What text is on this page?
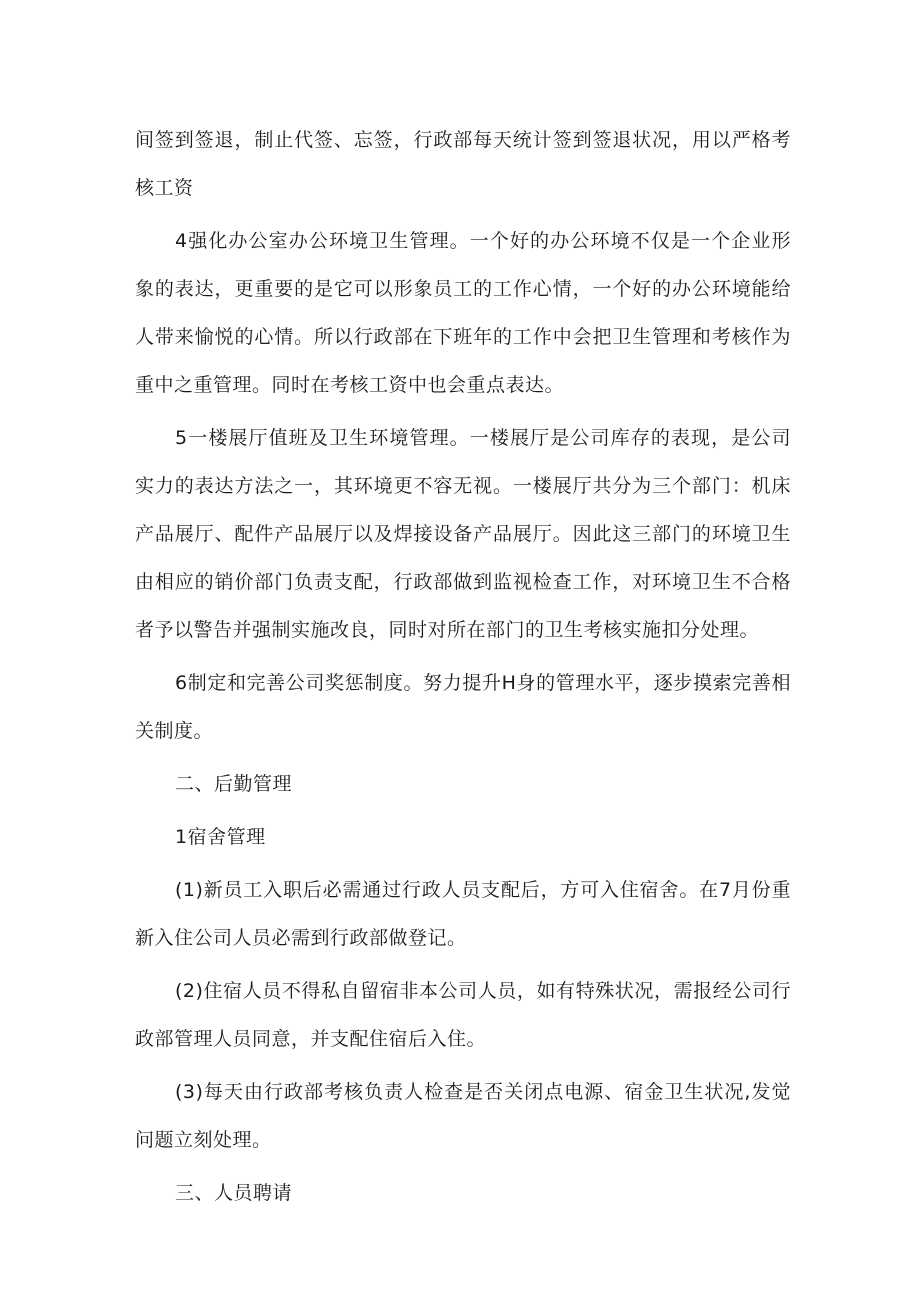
间签到签退，制止代签、忘签，行政部每天统计签到签退状况，用以严格考核工资

4强化办公室办公环境卫生管理。一个好的办公环境不仅是一个企业形象的表达，更重要的是它可以形象员工的工作心情，一个好的办公环境能给人带来愉悦的心情。所以行政部在下班年的工作中会把卫生管理和考核作为重中之重管理。同时在考核工资中也会重点表达。

5一楼展厅值班及卫生环境管理。一楼展厅是公司库存的表现，是公司实力的表达方法之一，其环境更不容无视。一楼展厅共分为三个部门：机床产品展厅、配件产品展厅以及焊接设备产品展厅。因此这三部门的环境卫生由相应的销价部门负责支配，行政部做到监视检查工作，对环境卫生不合格者予以警告并强制实施改良，同时对所在部门的卫生考核实施扣分处理。

6制定和完善公司奖惩制度。努力提升H身的管理水平，逐步摸索完善相关制度。

二、后勤管理

1宿舍管理

(1)新员工入职后必需通过行政人员支配后，方可入住宿舍。在7月份重新入住公司人员必需到行政部做登记。

(2)住宿人员不得私自留宿非本公司人员，如有特殊状况，需报经公司行政部管理人员同意，并支配住宿后入住。

(3)每天由行政部考核负责人检查是否关闭点电源、宿金卫生状况,发觉问题立刻处理。

三、人员聘请
